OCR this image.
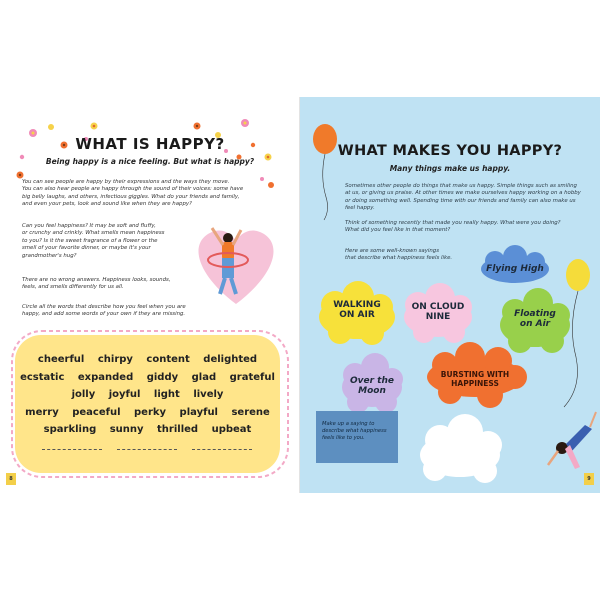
WHAT IS HAPPY?
Being happy is a nice feeling. But what is happy?
You can see people are happy by their expressions and the ways they move.
You can also hear people are happy through the sound of their voices: some have
big belly laughs, and others, infectious giggles. What do your friends and family,
and even your pets, look and sound like when they are happy?
Can you feel happiness? It may be soft and fluffy,
or crunchy and crinkly. What smells mean happiness
to you? Is it the sweet fragrance of a flower or the
smell of your favorite dinner, or maybe it's your
grandmother's hug?
There are no wrong answers. Happiness looks, sounds,
feels, and smells differently for us all.
Circle all the words that describe how you feel when you are
happy, and add some words of your own if they are missing.
cheerful chirpy content delighted
ecstatic expanded giddy glad grateful
jolly joyful light lively
merry peaceful perky playful serene
sparkling sunny thrilled upbeat
8
WHAT MAKES YOU HAPPY?
Many things make us happy.
Sometimes other people do things that make us happy. Simple things such as smiling
at us, or giving us praise. At other times we make ourselves happy working on a hobby
or doing something well. Spending time with our friends and family can also make us
feel happy.
Think of something recently that made you really happy. What were you doing?
What did you feel like in that moment?
Here are some well-known sayings
that describe what happiness feels like.
WALKING
ON AIR
ON CLOUD
NINE
Flying High
Floating
on Air
Over the
Moon
BURSTING WITH
HAPPINESS
Make up a saying to
describe what happiness
feels like to you.
9
